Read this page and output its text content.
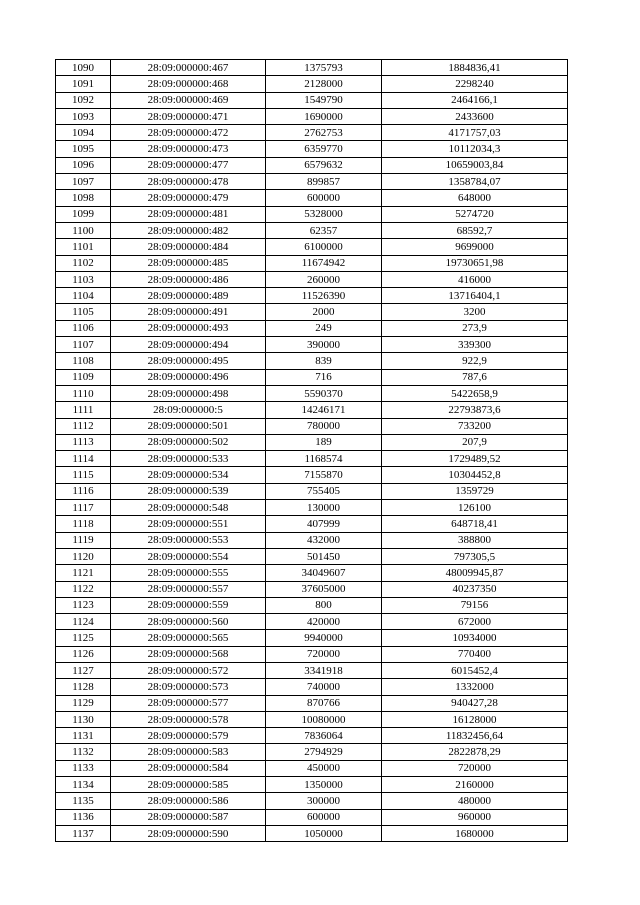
1090	28:09:000000:467	1375793	1884836,41
1091	28:09:000000:468	2128000	2298240
1092	28:09:000000:469	1549790	2464166,1
1093	28:09:000000:471	1690000	2433600
1094	28:09:000000:472	2762753	4171757,03
1095	28:09:000000:473	6359770	10112034,3
1096	28:09:000000:477	6579632	10659003,84
1097	28:09:000000:478	899857	1358784,07
1098	28:09:000000:479	600000	648000
1099	28:09:000000:481	5328000	5274720
1100	28:09:000000:482	62357	68592,7
1101	28:09:000000:484	6100000	9699000
1102	28:09:000000:485	11674942	19730651,98
1103	28:09:000000:486	260000	416000
1104	28:09:000000:489	11526390	13716404,1
1105	28:09:000000:491	2000	3200
1106	28:09:000000:493	249	273,9
1107	28:09:000000:494	390000	339300
1108	28:09:000000:495	839	922,9
1109	28:09:000000:496	716	787,6
1110	28:09:000000:498	5590370	5422658,9
1111	28:09:000000:5	14246171	22793873,6
1112	28:09:000000:501	780000	733200
1113	28:09:000000:502	189	207,9
1114	28:09:000000:533	1168574	1729489,52
1115	28:09:000000:534	7155870	10304452,8
1116	28:09:000000:539	755405	1359729
1117	28:09:000000:548	130000	126100
1118	28:09:000000:551	407999	648718,41
1119	28:09:000000:553	432000	388800
1120	28:09:000000:554	501450	797305,5
1121	28:09:000000:555	34049607	48009945,87
1122	28:09:000000:557	37605000	40237350
1123	28:09:000000:559	800	79156
1124	28:09:000000:560	420000	672000
1125	28:09:000000:565	9940000	10934000
1126	28:09:000000:568	720000	770400
1127	28:09:000000:572	3341918	6015452,4
1128	28:09:000000:573	740000	1332000
1129	28:09:000000:577	870766	940427,28
1130	28:09:000000:578	10080000	16128000
1131	28:09:000000:579	7836064	11832456,64
1132	28:09:000000:583	2794929	2822878,29
1133	28:09:000000:584	450000	720000
1134	28:09:000000:585	1350000	2160000
1135	28:09:000000:586	300000	480000
1136	28:09:000000:587	600000	960000
1137	28:09:000000:590	1050000	1680000
